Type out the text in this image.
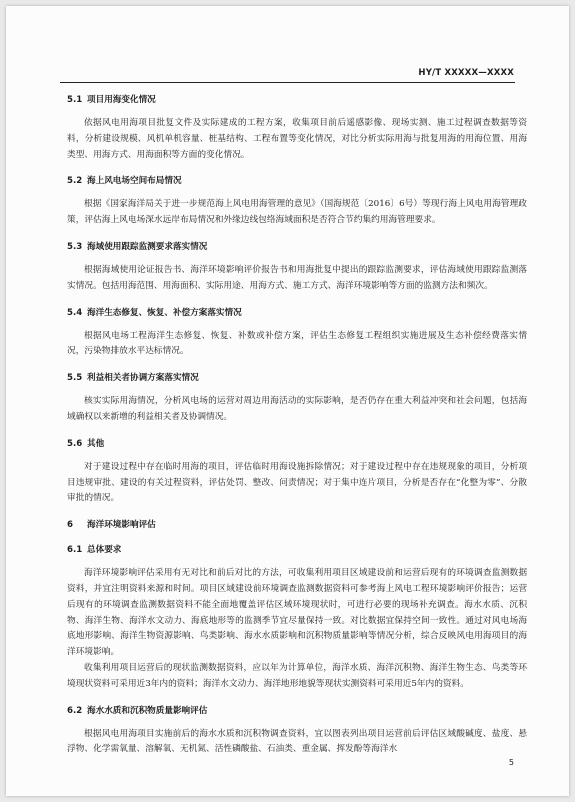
HY/T XXXXX—XXXX
5.1 项目用海变化情况

依据风电用海项目批复文件及实际建成的工程方案，收集项目前后遥感影像、现场实测、施工过程调查数据等资料，分析建设规模、风机单机容量、桩基结构、工程布置等变化情况，对比分析实际用海与批复用海的用海位置、用海类型、用海方式、用海面积等方面的变化情况。

5.2 海上风电场空间布局情况

根据《国家海洋局关于进一步规范海上风电用海管理的意见》（国海规范〔2016〕6号）等现行海上风电用海管理政策，评估海上风电场深水远岸布局情况和外缘边线包络海域面积是否符合节约集约用海管理要求。

5.3 海域使用跟踪监测要求落实情况

根据海域使用论证报告书、海洋环境影响评价报告书和用海批复中提出的跟踪监测要求，评估海域使用跟踪监测落实情况。包括用海范围、用海面积、实际用途、用海方式、施工方式、海洋环境影响等方面的监测方法和频次。

5.4 海洋生态修复、恢复、补偿方案落实情况

根据风电场工程海洋生态修复、恢复、补数或补偿方案，评估生态修复工程组织实施进展及生态补偿经费落实情况，污染物排放水平达标情况。

5.5 利益相关者协调方案落实情况

核实实际用海情况，分析风电场的运营对周边用海活动的实际影响，是否仍存在重大利益冲突和社会问题，包括海域确权以来新增的利益相关者及协调情况。

5.6 其他

对于建设过程中存在临时用海的项目，评估临时用海设施拆除情况；对于建设过程中存在违规现象的项目，分析项目违规审批、建设的有关过程资料，评估处罚、整改、问责情况；对于集中连片项目，分析是否存在“化整为零”、分散审批的情况。

6 海洋环境影响评估
6.1 总体要求

海洋环境影响评估采用有无对比和前后对比的方法，可收集利用项目区域建设前和运营后现有的环境调查监测数据资料，并宜注明资料来源和时间。项目区域建设前环境调查监测数据资料可参考海上风电工程环境影响评价报告；运营后现有的环境调查监测数据资料不能全面地覆盖评估区域环境现状时，可进行必要的现场补充调查。海水水质、沉积物、海洋生物、海洋水文动力、海底地形等的监测季节宜尽量保持一致。对比数据宜保持空间一致性。通过对风电场海底地形影响、海洋生物资源影响、鸟类影响、海水水质影响和沉积物质量影响等情况分析，综合反映风电用海项目的海洋环境影响。

收集利用项目运营后的现状监测数据资料，应以年为计算单位，海洋水质、海洋沉积物、海洋生物生态、鸟类等环境现状资料可采用近3年内的资料；海洋水文动力、海洋地形地貌等现状实测资料可采用近5年内的资料。

6.2 海水水质和沉积物质量影响评估

根据风电用海项目实施前后的海水水质和沉积物调查资料，宜以图表列出项目运营前后评估区域酸碱度、盐度、悬浮物、化学需氧量、溶解氧、无机氮、活性磷酸盐、石油类、重金属、挥发酚等海洋水

5
